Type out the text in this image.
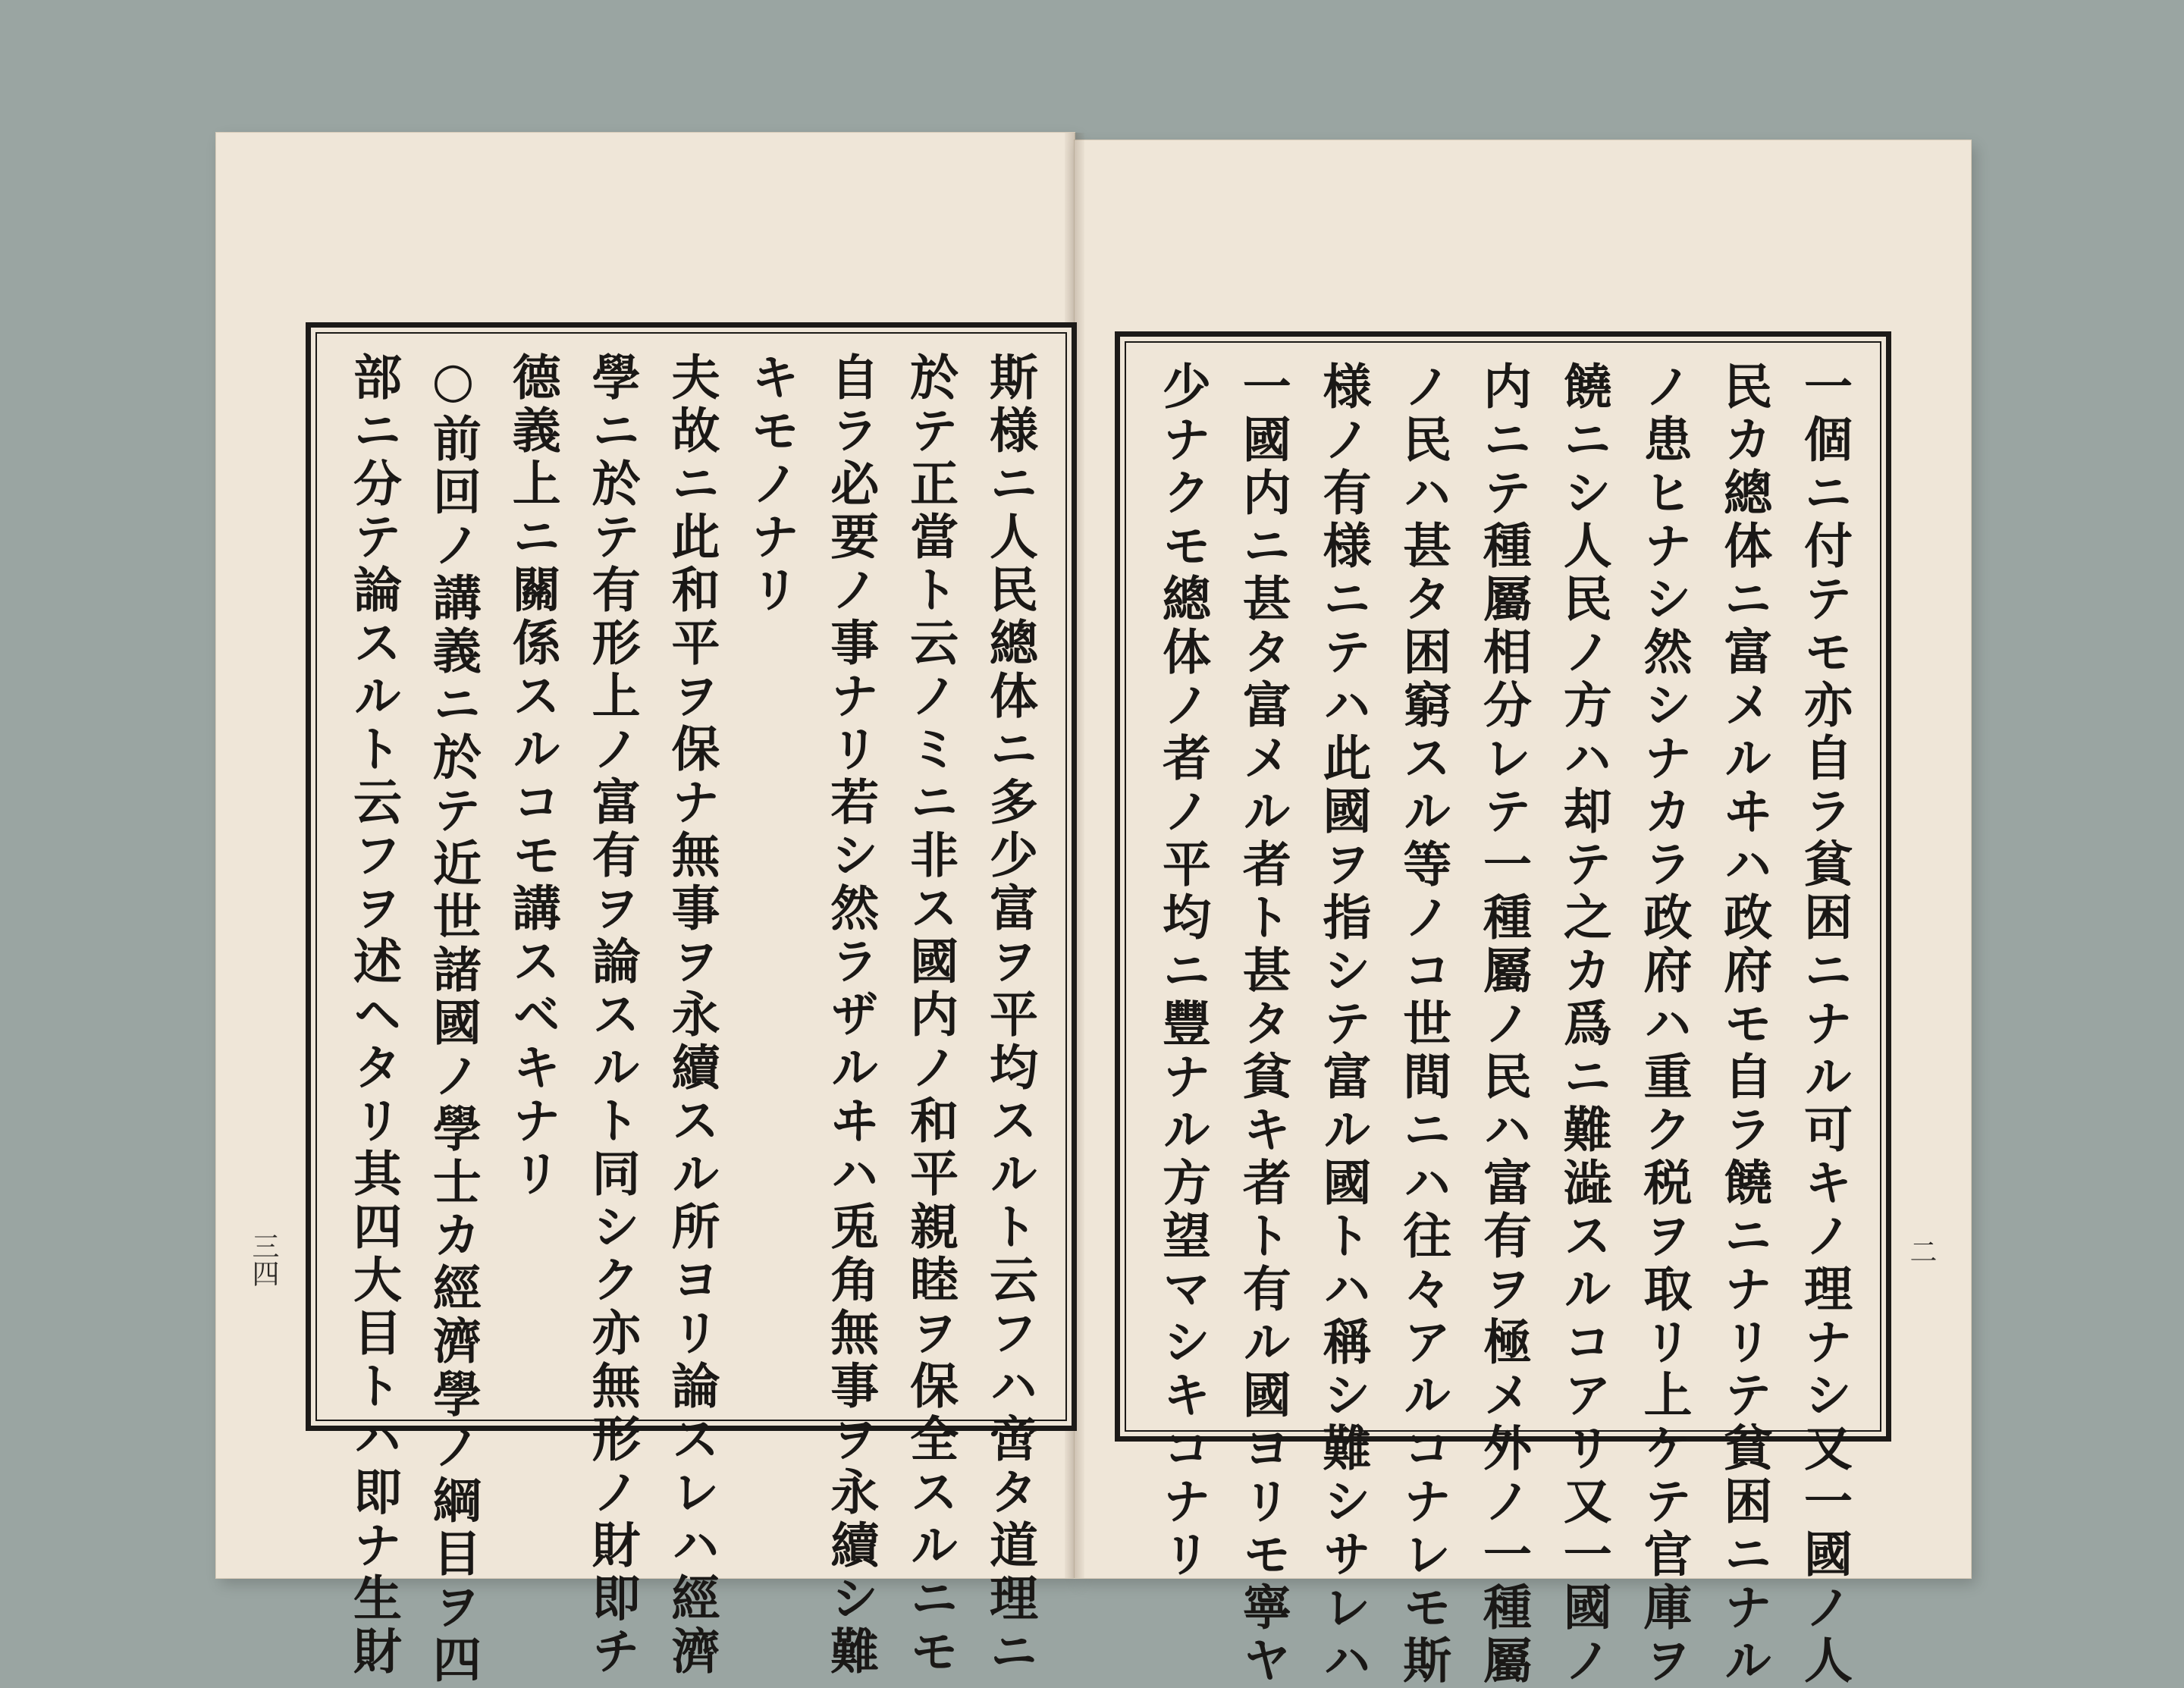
斯様ニ人民總体ニ多少富ヲ平均スルト云フハ啻タ道理ニ
於テ正當ト云ノミニ非ス國内ノ和平親睦ヲ保全スルニモ
自ラ必要ノ事ナリ若シ然ラザルヰハ兎角無事ヲ永續シ難
キモノナリ
夫故ニ此和平ヲ保ナ無事ヲ永續スル所ヨリ論スレハ經濟
學ニ於テ有形上ノ富有ヲ論スルト同シク亦無形ノ財即チ
德義上ニ關係スルコモ講スベキナリ
○前回ノ講義ニ於テ近世諸國ノ學士カ經濟學ノ綱目ヲ四
部ニ分テ論スルト云フヲ述ヘタリ其四大目トハ即ナ生財	一個ニ付テモ亦自ラ貧困ニナル可キノ理ナシ又一國ノ人
民カ總体ニ富メルヰハ政府モ自ラ饒ニナリテ貧困ニナル
ノ患ヒナシ然シナカラ政府ハ重ク税ヲ取リ上ケテ官庫ヲ
饒ニシ人民ノ方ハ却テ之カ爲ニ難澁スルコアリ又一國ノ
内ニテ種屬相分レテ一種屬ノ民ハ富有ヲ極メ外ノ一種屬
ノ民ハ甚タ困窮スル等ノコ世間ニハ往々アルコナレモ斯
様ノ有様ニテハ此國ヲ指シテ富ル國トハ稱シ難シサレハ
一國内ニ甚タ富メル者ト甚タ貧キ者ト有ル國ヨリモ寧ヤ
少ナクモ總体ノ者ノ平均ニ豐ナル方望マシキコナリ
三四	二
